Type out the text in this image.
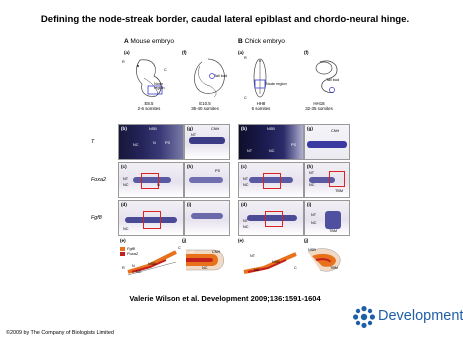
Defining the node-streak border, caudal lateral epiblast and chordo-neural hinge.
A Mouse embryo	B Chick embryo
(a)	(f)	(a)	(f)
R
C
Node region
Tail bud
R
C
Node region
Tail bud
E8.5
2-6 somites
E10.5
35-40 somites
HH8
6 somites
HH18
32-35 somites
T
Foxa2
Fgf8
(b)	NSB
NC	N PS
(g)	CNH
NT
(b)	NSB
NT	NC
PS
(g)	CNH
(c)
NT
NC	N
(h)
PS
(c)
NT
NC
(h)
NT
NC
TBM
(d)
NC
(i)	(d)
NT
NC
(i)
NT
NC
TBM
(e)	(j)	(e)	(j)
Fgf8
Foxa2
R
C
NSB
NC
N
NT	CNH
NC
NT
NSB
NC	C
NSB
TBM
Valerie Wilson et al. Development 2009;136:1591-1604
Development
©2009 by The Company of Biologists Limited
